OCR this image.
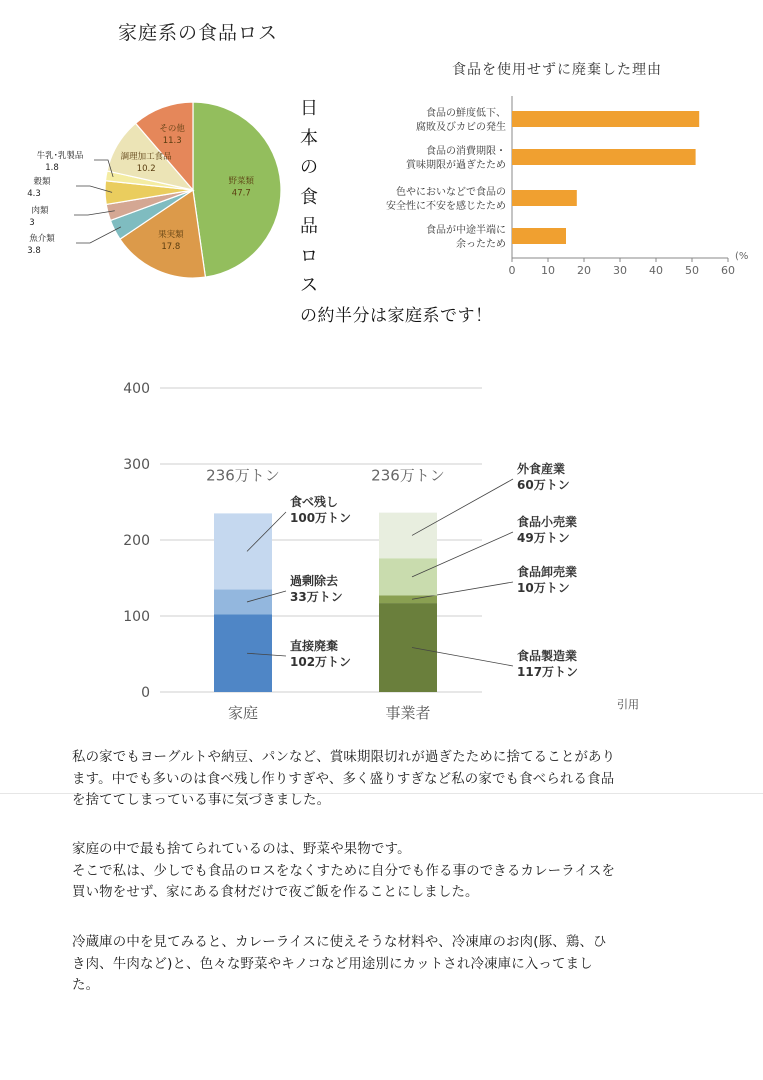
家庭系の食品ロス
日
本
の
食
品
ロ
ス
の約半分は家庭系です！
食品を使用せずに廃棄した理由
(%
野菜類
47.7
果実類
17.8
調理加工食品
10.2
その他
11.3
牛乳･乳製品
1.8
穀類
4.3
肉類
3
魚介類
3.8
0 10 20 30 40 50 60
食品の鮮度低下、
腐敗及びカビの発生
食品の消費期限・
賞味期限が過ぎたため
色やにおいなどで食品の
安全性に不安を感じたため
食品が中途半端に
余ったため
0
100
200
300
400
直接廃棄
102万トン
過剰除去
33万トン
食べ残し
100万トン
家庭
236万トン
食品製造業
117万トン
食品卸売業
10万トン
食品小売業
49万トン
外食産業
60万トン
事業者
236万トン
引用
私の家でもヨーグルトや納豆、パンなど、賞味期限切れが過ぎたために捨てることがあり
ます。中でも多いのは食べ残し作りすぎや、多く盛りすぎなど私の家でも食べられる食品
を捨ててしまっている事に気づきました。
家庭の中で最も捨てられているのは、野菜や果物です。
そこで私は、少しでも食品のロスをなくすために自分でも作る事のできるカレーライスを
買い物をせず、家にある食材だけで夜ご飯を作ることにしました。
冷蔵庫の中を見てみると、カレーライスに使えそうな材料や、冷凍庫のお肉(豚、鶏、ひ
き肉、牛肉など)と、色々な野菜やキノコなど用途別にカットされ冷凍庫に入ってまし
た。
